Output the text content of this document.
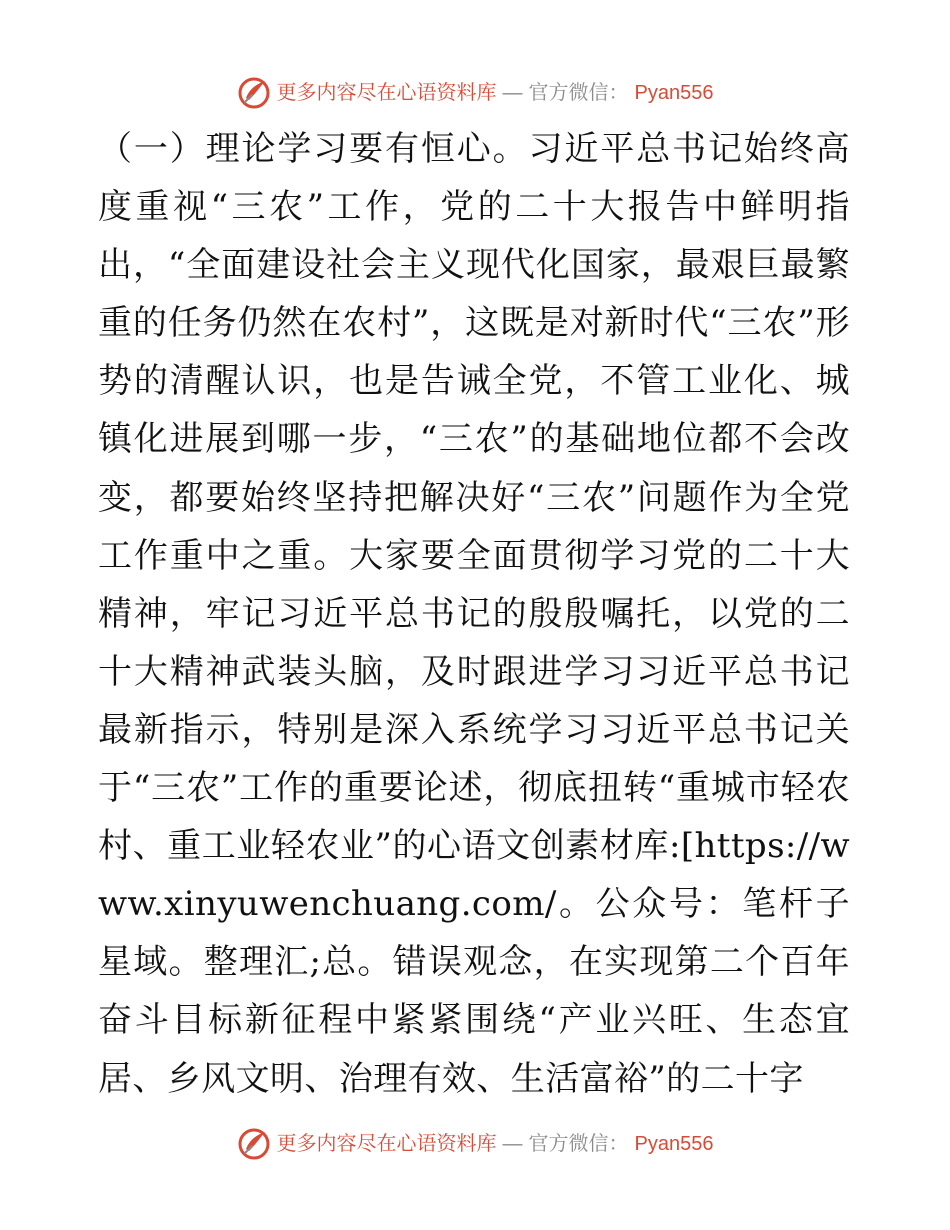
更多内容尽在心语资料库 — 官方微信： Pyan556

（一）理论学习要有恒心。习近平总书记始终高度重视“三农”工作，党的二十大报告中鲜明指出，“全面建设社会主义现代化国家，最艰巨最繁重的任务仍然在农村”，这既是对新时代“三农”形势的清醒认识，也是告诫全党，不管工业化、城镇化进展到哪一步，“三农”的基础地位都不会改变，都要始终坚持把解决好“三农”问题作为全党工作重中之重。大家要全面贯彻学习党的二十大精神，牢记习近平总书记的殷殷嘱托，以党的二十大精神武装头脑，及时跟进学习习近平总书记最新指示，特别是深入系统学习习近平总书记关于“三农”工作的重要论述，彻底扭转“重城市轻农村、重工业轻农业”的心语文创素材库:[https://www.xinyuwenchuang.com/。公众号：笔杆子星域。整理汇;总。错误观念，在实现第二个百年奋斗目标新征程中紧紧围绕“产业兴旺、生态宜居、乡风文明、治理有效、生活富裕”的二十字

更多内容尽在心语资料库 — 官方微信： Pyan556
